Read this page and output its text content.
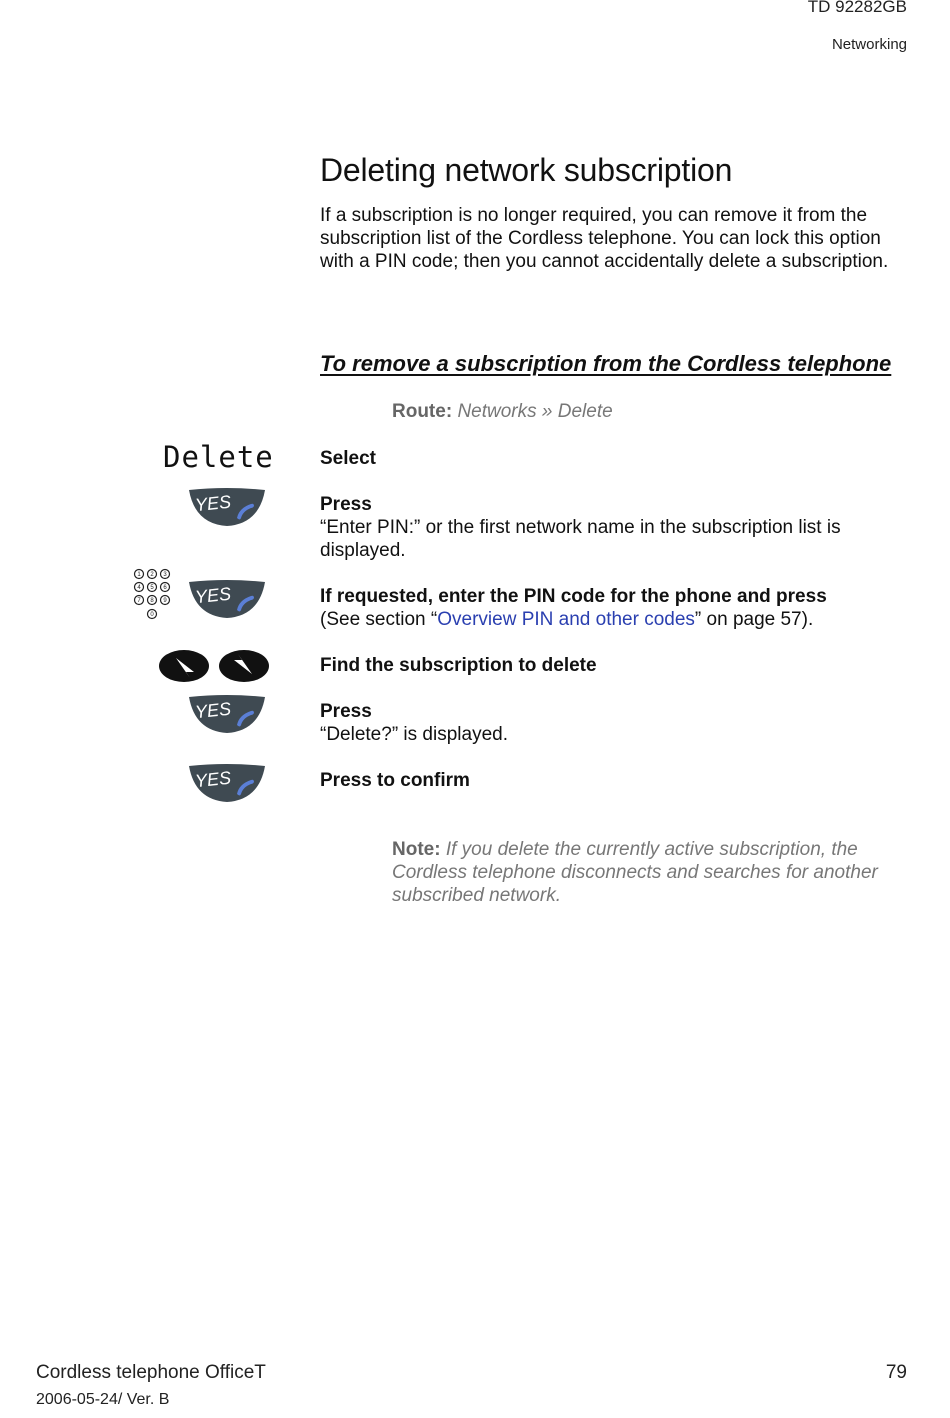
TD 92282GB
Networking
Deleting network subscription
If a subscription is no longer required, you can remove it from the subscription list of the Cordless telephone. You can lock this option with a PIN code; then you cannot accidentally delete a subscription.
To remove a subscription from the Cordless telephone
Route: Networks » Delete
Delete
YES
1 2 3
4 5 6
7 8 9
0
YES
YES
YES
Select
Press
“Enter PIN:” or the first network name in the subscription list is displayed.
If requested, enter the PIN code for the phone and press
(See section “Overview PIN and other codes” on page 57).
Find the subscription to delete
Press
“Delete?” is displayed.
Press to confirm
Note: If you delete the currently active subscription, the Cordless telephone disconnects and searches for another subscribed network.
Cordless telephone OfficeT
2006-05-24/ Ver. B
79
